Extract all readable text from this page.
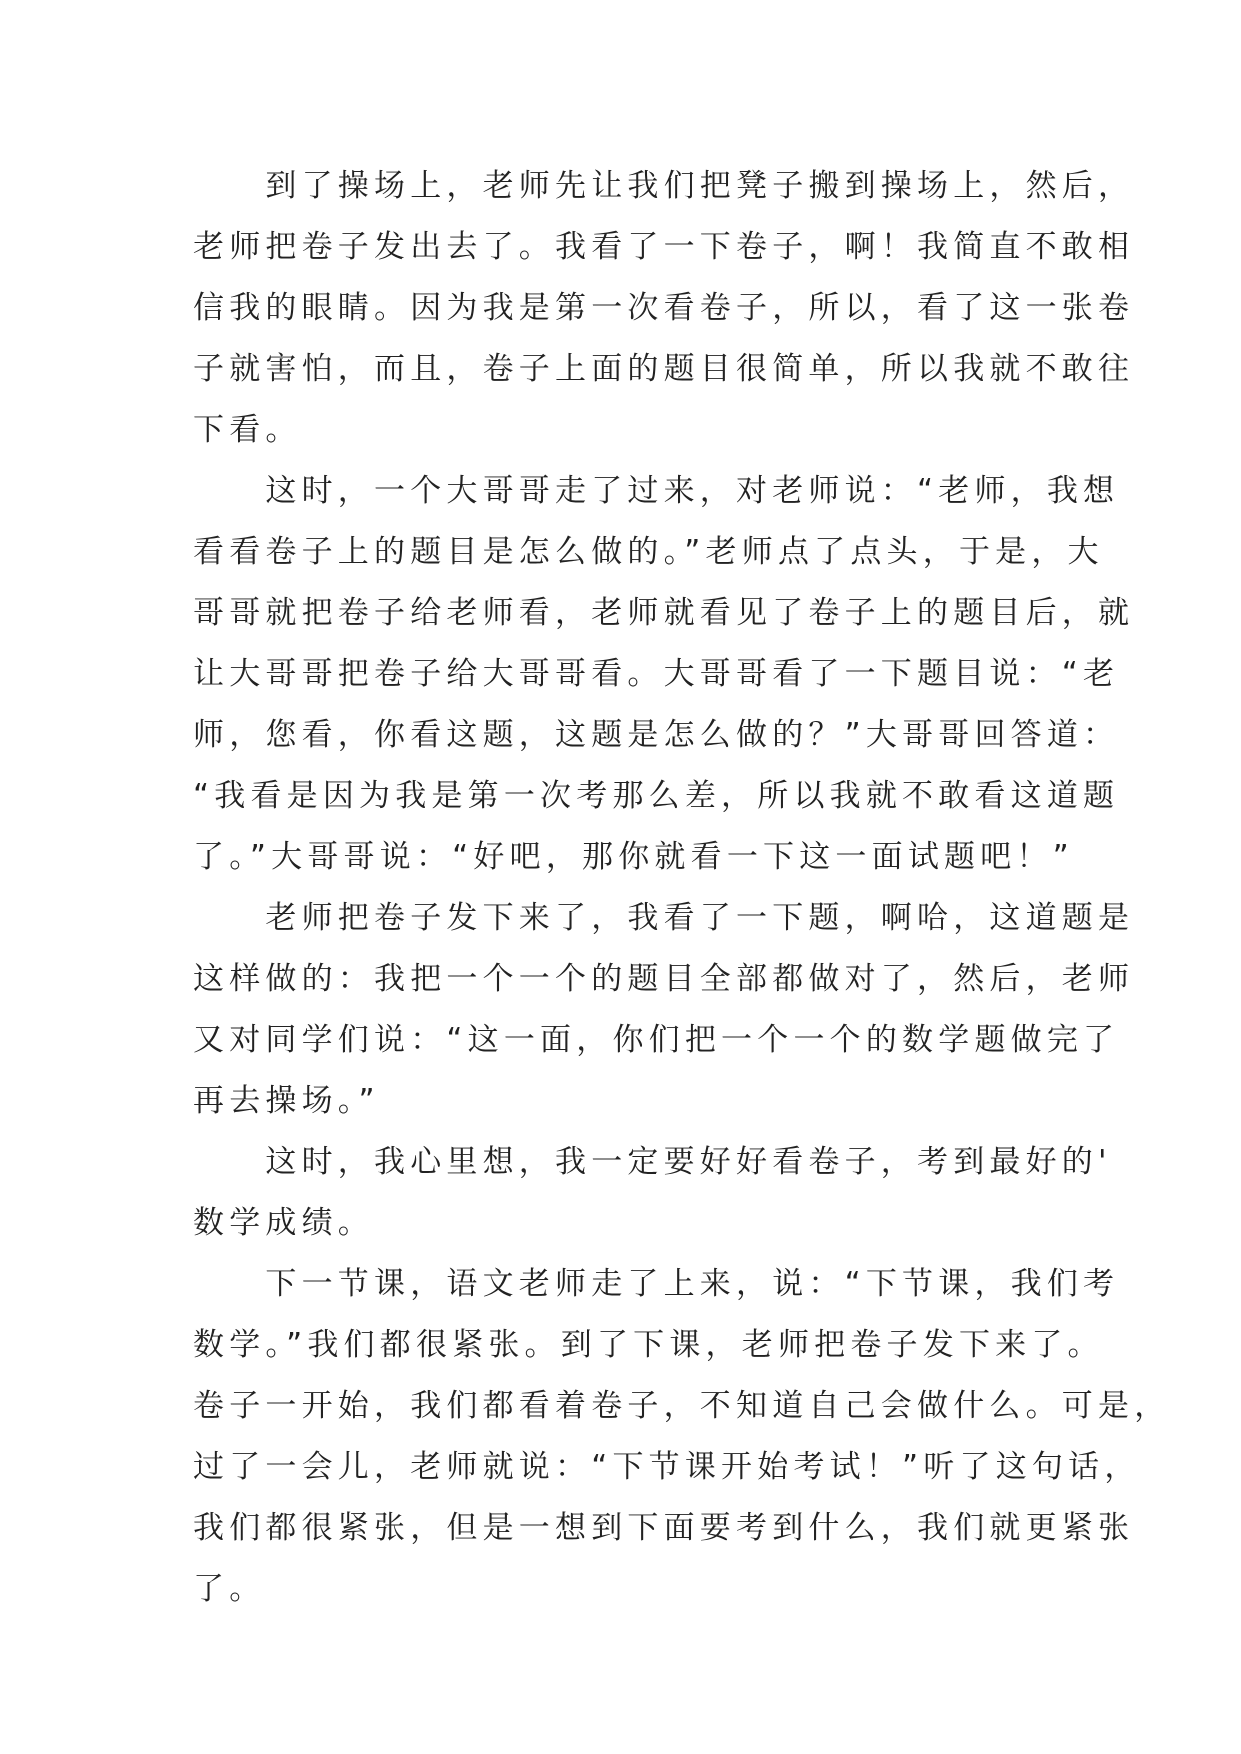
　　到了操场上，老师先让我们把凳子搬到操场上，然后，
老师把卷子发出去了。我看了一下卷子，啊！我简直不敢相
信我的眼睛。因为我是第一次看卷子，所以，看了这一张卷
子就害怕，而且，卷子上面的题目很简单，所以我就不敢往
下看。
　　这时，一个大哥哥走了过来，对老师说：“老师，我想
看看卷子上的题目是怎么做的。”老师点了点头，于是，大
哥哥就把卷子给老师看，老师就看见了卷子上的题目后，就
让大哥哥把卷子给大哥哥看。大哥哥看了一下题目说：“老
师，您看，你看这题，这题是怎么做的？”大哥哥回答道：
“我看是因为我是第一次考那么差，所以我就不敢看这道题
了。”大哥哥说：“好吧，那你就看一下这一面试题吧！”
　　老师把卷子发下来了，我看了一下题，啊哈，这道题是
这样做的：我把一个一个的题目全部都做对了，然后，老师
又对同学们说：“这一面，你们把一个一个的数学题做完了
再去操场。”
　　这时，我心里想，我一定要好好看卷子，考到最好的'
数学成绩。
　　下一节课，语文老师走了上来，说：“下节课，我们考
数学。”我们都很紧张。到了下课，老师把卷子发下来了。
卷子一开始，我们都看着卷子，不知道自己会做什么。可是，
过了一会儿，老师就说：“下节课开始考试！”听了这句话，
我们都很紧张，但是一想到下面要考到什么，我们就更紧张
了。
